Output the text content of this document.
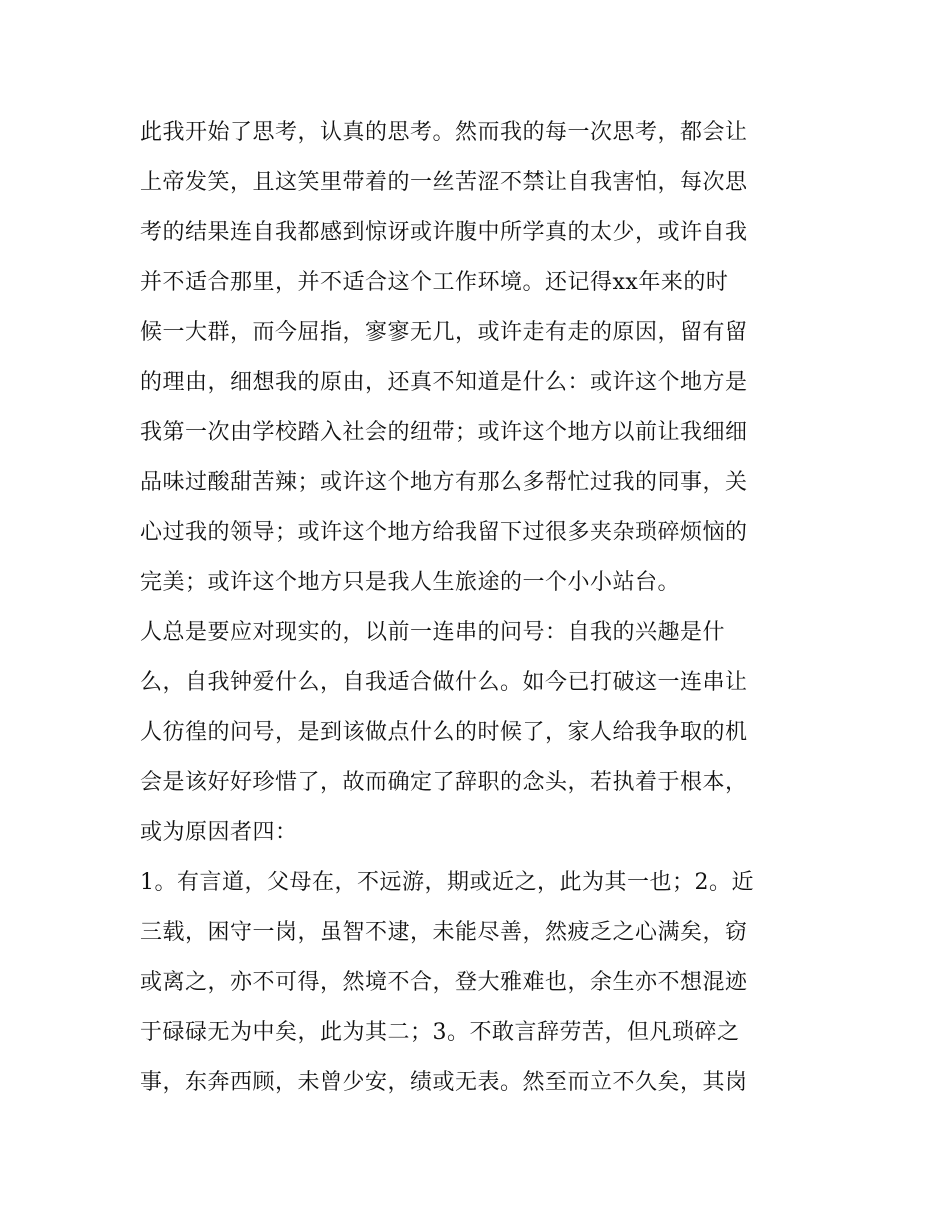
此我开始了思考，认真的思考。然而我的每一次思考，都会让
上帝发笑，且这笑里带着的一丝苦涩不禁让自我害怕，每次思
考的结果连自我都感到惊讶或许腹中所学真的太少，或许自我
并不适合那里，并不适合这个工作环境。还记得xx年来的时
候一大群，而今屈指，寥寥无几，或许走有走的原因，留有留
的理由，细想我的原由，还真不知道是什么：或许这个地方是
我第一次由学校踏入社会的纽带；或许这个地方以前让我细细
品味过酸甜苦辣；或许这个地方有那么多帮忙过我的同事，关
心过我的领导；或许这个地方给我留下过很多夹杂琐碎烦恼的
完美；或许这个地方只是我人生旅途的一个小小站台。
人总是要应对现实的，以前一连串的问号：自我的兴趣是什
么，自我钟爱什么，自我适合做什么。如今已打破这一连串让
人彷徨的问号，是到该做点什么的时候了，家人给我争取的机
会是该好好珍惜了，故而确定了辞职的念头，若执着于根本，
或为原因者四：
1。有言道，父母在，不远游，期或近之，此为其一也；2。近
三载，困守一岗，虽智不逮，未能尽善，然疲乏之心满矣，窃
或离之，亦不可得，然境不合，登大雅难也，余生亦不想混迹
于碌碌无为中矣，此为其二；3。不敢言辞劳苦，但凡琐碎之
事，东奔西顾，未曾少安，绩或无表。然至而立不久矣，其岗
